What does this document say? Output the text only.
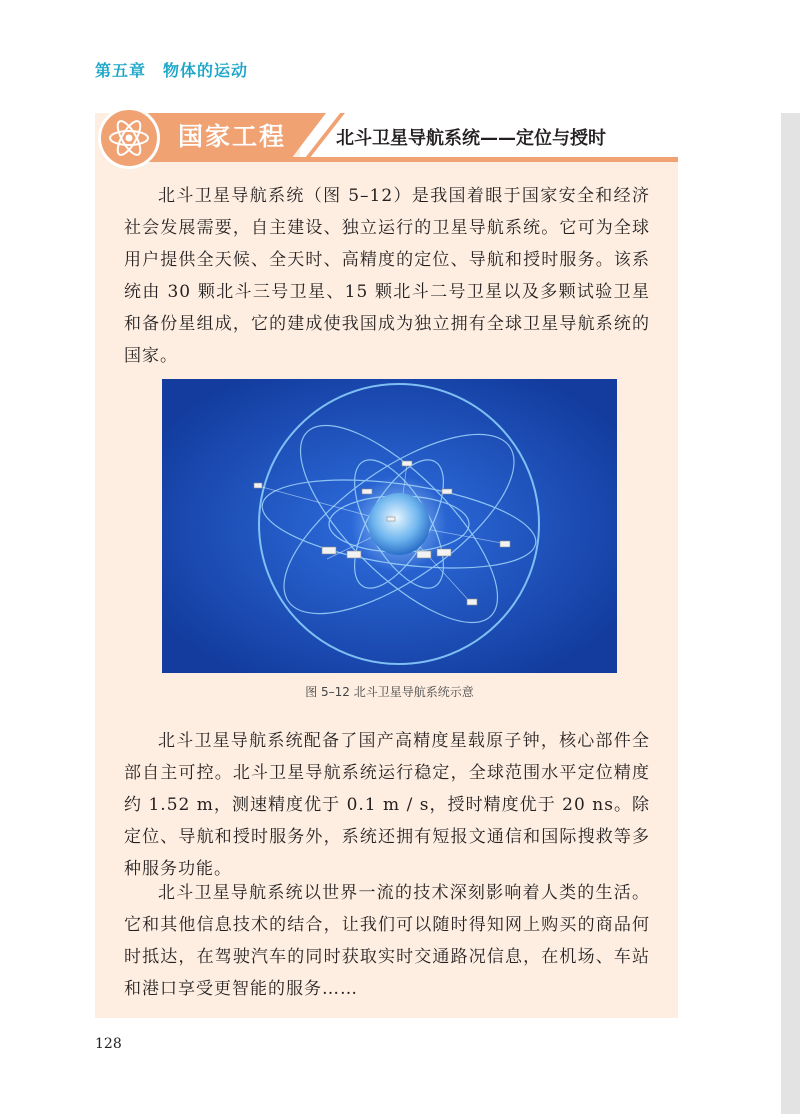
第五章　物体的运动
国家工程	北斗卫星导航系统——定位与授时
北斗卫星导航系统（图 5–12）是我国着眼于国家安全和经济社会发展需要，自主建设、独立运行的卫星导航系统。它可为全球用户提供全天候、全天时、高精度的定位、导航和授时服务。该系统由 30 颗北斗三号卫星、15 颗北斗二号卫星以及多颗试验卫星和备份星组成，它的建成使我国成为独立拥有全球卫星导航系统的国家。
图 5–12 北斗卫星导航系统示意
北斗卫星导航系统配备了国产高精度星载原子钟，核心部件全部自主可控。北斗卫星导航系统运行稳定，全球范围水平定位精度约 1.52 m，测速精度优于 0.1 m / s，授时精度优于 20 ns。除定位、导航和授时服务外，系统还拥有短报文通信和国际搜救等多种服务功能。
北斗卫星导航系统以世界一流的技术深刻影响着人类的生活。它和其他信息技术的结合，让我们可以随时得知网上购买的商品何时抵达，在驾驶汽车的同时获取实时交通路况信息，在机场、车站和港口享受更智能的服务……
128
